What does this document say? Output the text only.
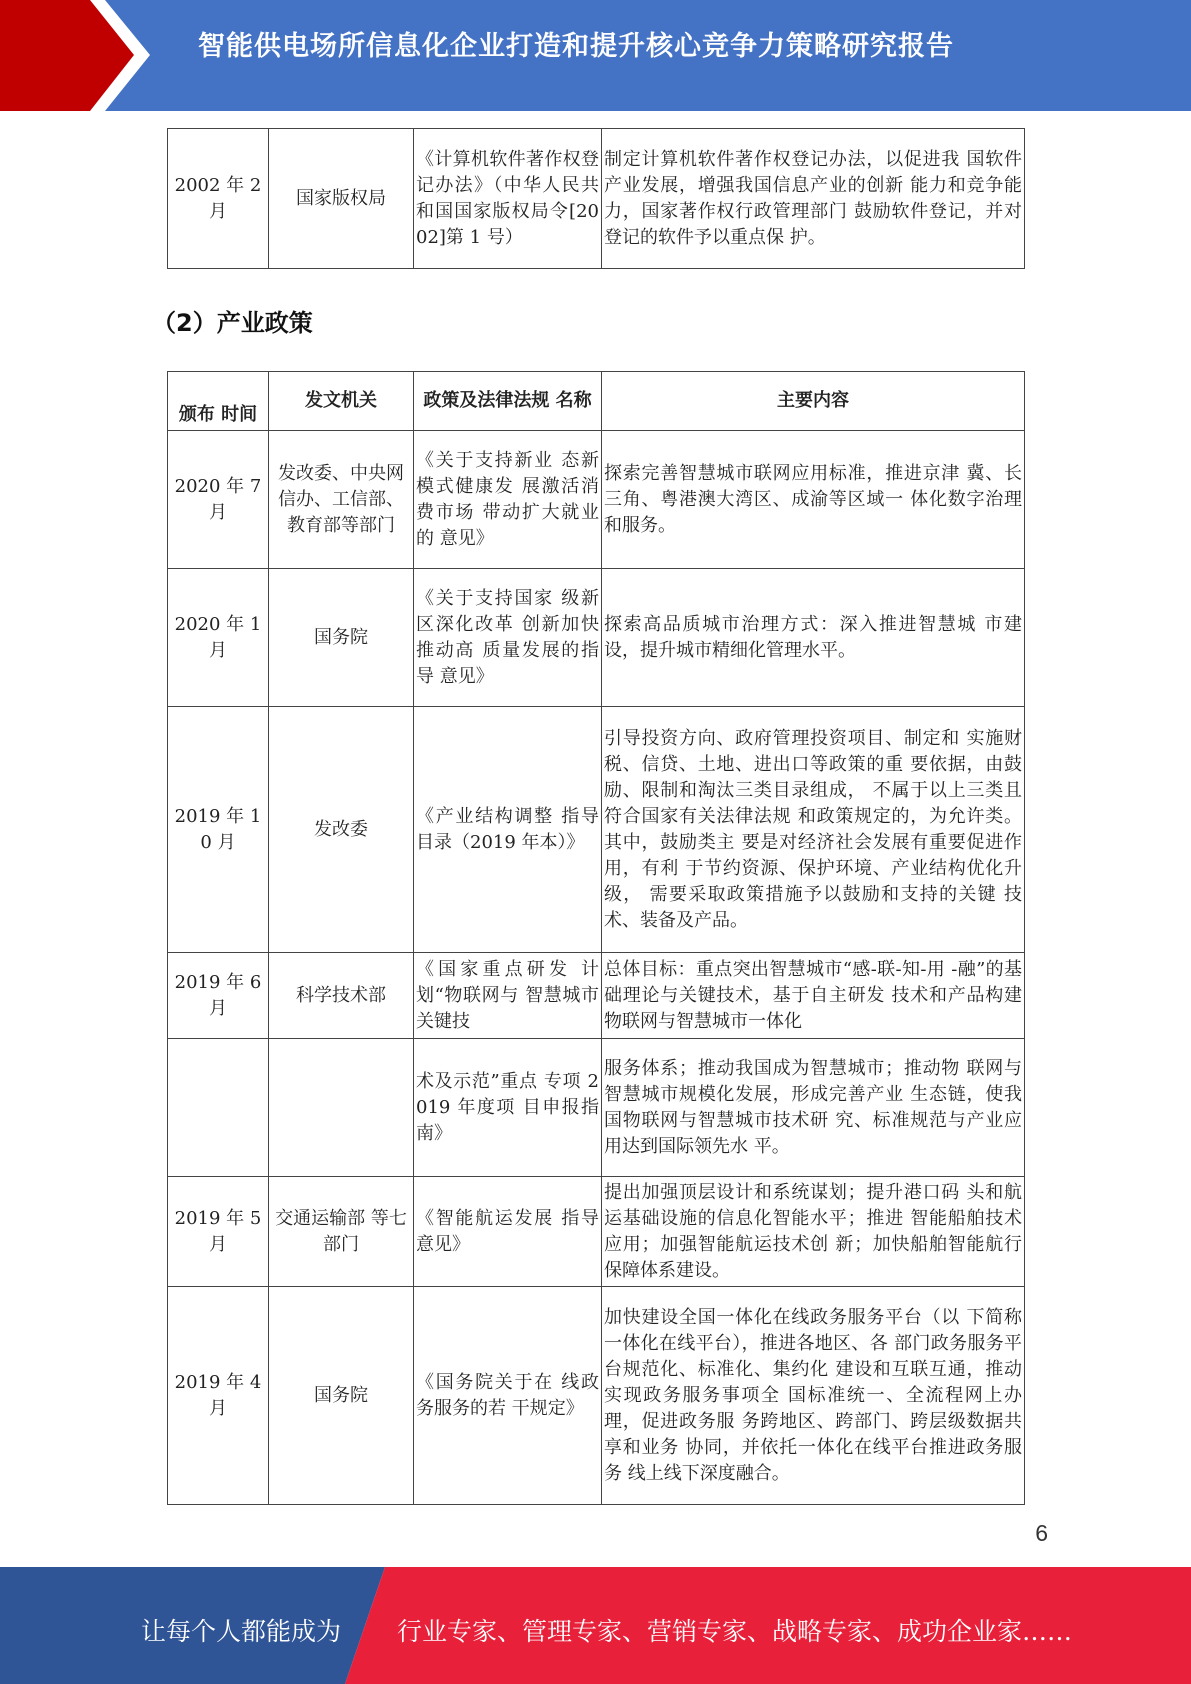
智能供电场所信息化企业打造和提升核心竞争力策略研究报告
2002 年 2 月	国家版权局	《计算机软件著作权登记办法》（中华人民共和国国家版权局令[2002]第 1 号）	制定计算机软件著作权登记办法，以促进我 国软件产业发展，增强我国信息产业的创新 能力和竞争能力，国家著作权行政管理部门 鼓励软件登记，并对登记的软件予以重点保 护。
（2）产业政策
颁布 时间	发文机关	政策及法律法规 名称	主要内容
2020 年 7 月	发改委、中央网信办、工信部、教育部等部门	《关于支持新业 态新模式健康发 展激活消费市场 带动扩大就业的 意见》	探索完善智慧城市联网应用标准，推进京津 冀、长三角、粤港澳大湾区、成渝等区域一 体化数字治理和服务。
2020 年 1 月	国务院	《关于支持国家 级新区深化改革 创新加快推动高 质量发展的指导 意见》	探索高品质城市治理方式：深入推进智慧城 市建设，提升城市精细化管理水平。
2019 年 10 月	发改委	《产业结构调整 指导目录（2019 年本）》	引导投资方向、政府管理投资项目、制定和 实施财税、信贷、土地、进出口等政策的重 要依据，由鼓励、限制和淘汰三类目录组成， 不属于以上三类且符合国家有关法律法规 和政策规定的，为允许类。其中，鼓励类主 要是对经济社会发展有重要促进作用，有利 于节约资源、保护环境、产业结构优化升级， 需要采取政策措施予以鼓励和支持的关键 技术、装备及产品。
2019 年 6 月	科学技术部	《国家重点研发 计划“物联网与 智慧城市关键技	总体目标：重点突出智慧城市“感-联-知-用 -融”的基础理论与关键技术，基于自主研发 技术和产品构建物联网与智慧城市一体化
		术及示范”重点 专项 2019 年度项 目申报指南》	服务体系；推动我国成为智慧城市；推动物 联网与智慧城市规模化发展，形成完善产业 生态链，使我国物联网与智慧城市技术研 究、标准规范与产业应用达到国际领先水 平。
2019 年 5 月	交通运输部 等七部门	《智能航运发展 指导意见》	提出加强顶层设计和系统谋划；提升港口码 头和航运基础设施的信息化智能水平；推进 智能船舶技术应用；加强智能航运技术创 新；加快船舶智能航行保障体系建设。
2019 年 4 月	国务院	《国务院关于在 线政务服务的若 干规定》	加快建设全国一体化在线政务服务平台（以 下简称一体化在线平台），推进各地区、各 部门政务服务平台规范化、标准化、集约化 建设和互联互通，推动实现政务服务事项全 国标准统一、全流程网上办理，促进政务服 务跨地区、跨部门、跨层级数据共享和业务 协同，并依托一体化在线平台推进政务服务 线上线下深度融合。
6
让每个人都能成为 行业专家、管理专家、营销专家、战略专家、成功企业家……
